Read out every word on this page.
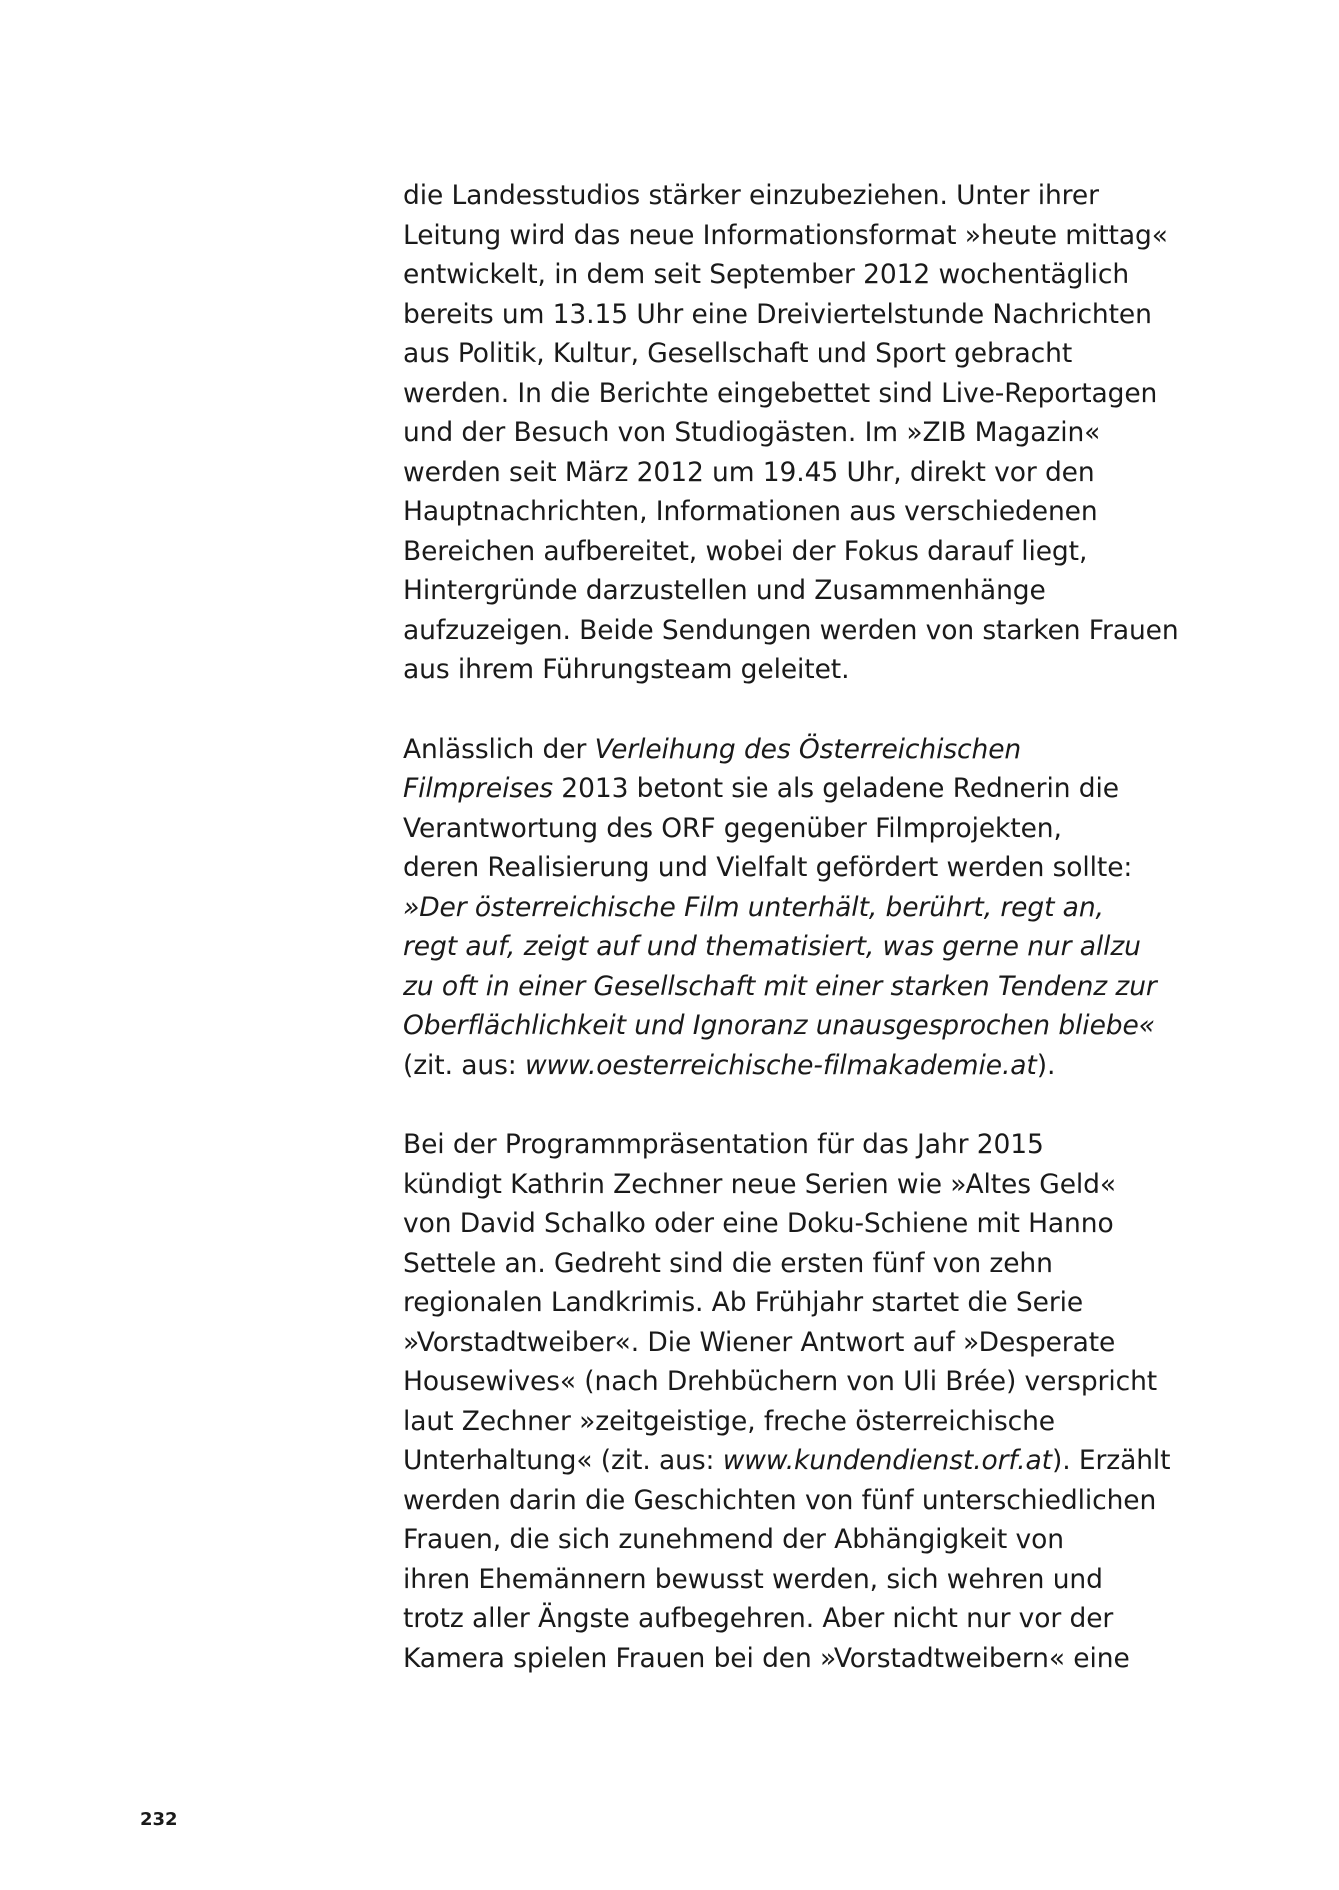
die Landesstudios stärker einzubeziehen. Unter ihrer
Leitung wird das neue Informationsformat »heute mittag«
entwickelt, in dem seit September 2012 wochentäglich
bereits um 13.15 Uhr eine Dreiviertelstunde Nachrichten
aus Politik, Kultur, Gesellschaft und Sport gebracht
werden. In die Berichte eingebettet sind Live-Reportagen
und der Besuch von Studiogästen. Im »ZIB Magazin«
werden seit März 2012 um 19.45 Uhr, direkt vor den
Hauptnachrichten, Informationen aus verschiedenen
Bereichen aufbereitet, wobei der Fokus darauf liegt,
Hintergründe darzustellen und Zusammenhänge
aufzuzeigen. Beide Sendungen werden von starken Frauen
aus ihrem Führungsteam geleitet.

Anlässlich der Verleihung des Österreichischen
Filmpreises 2013 betont sie als geladene Rednerin die
Verantwortung des ORF gegenüber Filmprojekten,
deren Realisierung und Vielfalt gefördert werden sollte:
»Der österreichische Film unterhält, berührt, regt an,
regt auf, zeigt auf und thematisiert, was gerne nur allzu
zu oft in einer Gesellschaft mit einer starken Tendenz zur
Oberflächlichkeit und Ignoranz unausgesprochen bliebe«
(zit. aus: www.oesterreichische-filmakademie.at).

Bei der Programmpräsentation für das Jahr 2015
kündigt Kathrin Zechner neue Serien wie »Altes Geld«
von David Schalko oder eine Doku-Schiene mit Hanno
Settele an. Gedreht sind die ersten fünf von zehn
regionalen Landkrimis. Ab Frühjahr startet die Serie
»Vorstadtweiber«. Die Wiener Antwort auf »Desperate
Housewives« (nach Drehbüchern von Uli Brée) verspricht
laut Zechner »zeitgeistige, freche österreichische
Unterhaltung« (zit. aus: www.kundendienst.orf.at). Erzählt
werden darin die Geschichten von fünf unterschiedlichen
Frauen, die sich zunehmend der Abhängigkeit von
ihren Ehemännern bewusst werden, sich wehren und
trotz aller Ängste aufbegehren. Aber nicht nur vor der
Kamera spielen Frauen bei den »Vorstadtweibern« eine

232
